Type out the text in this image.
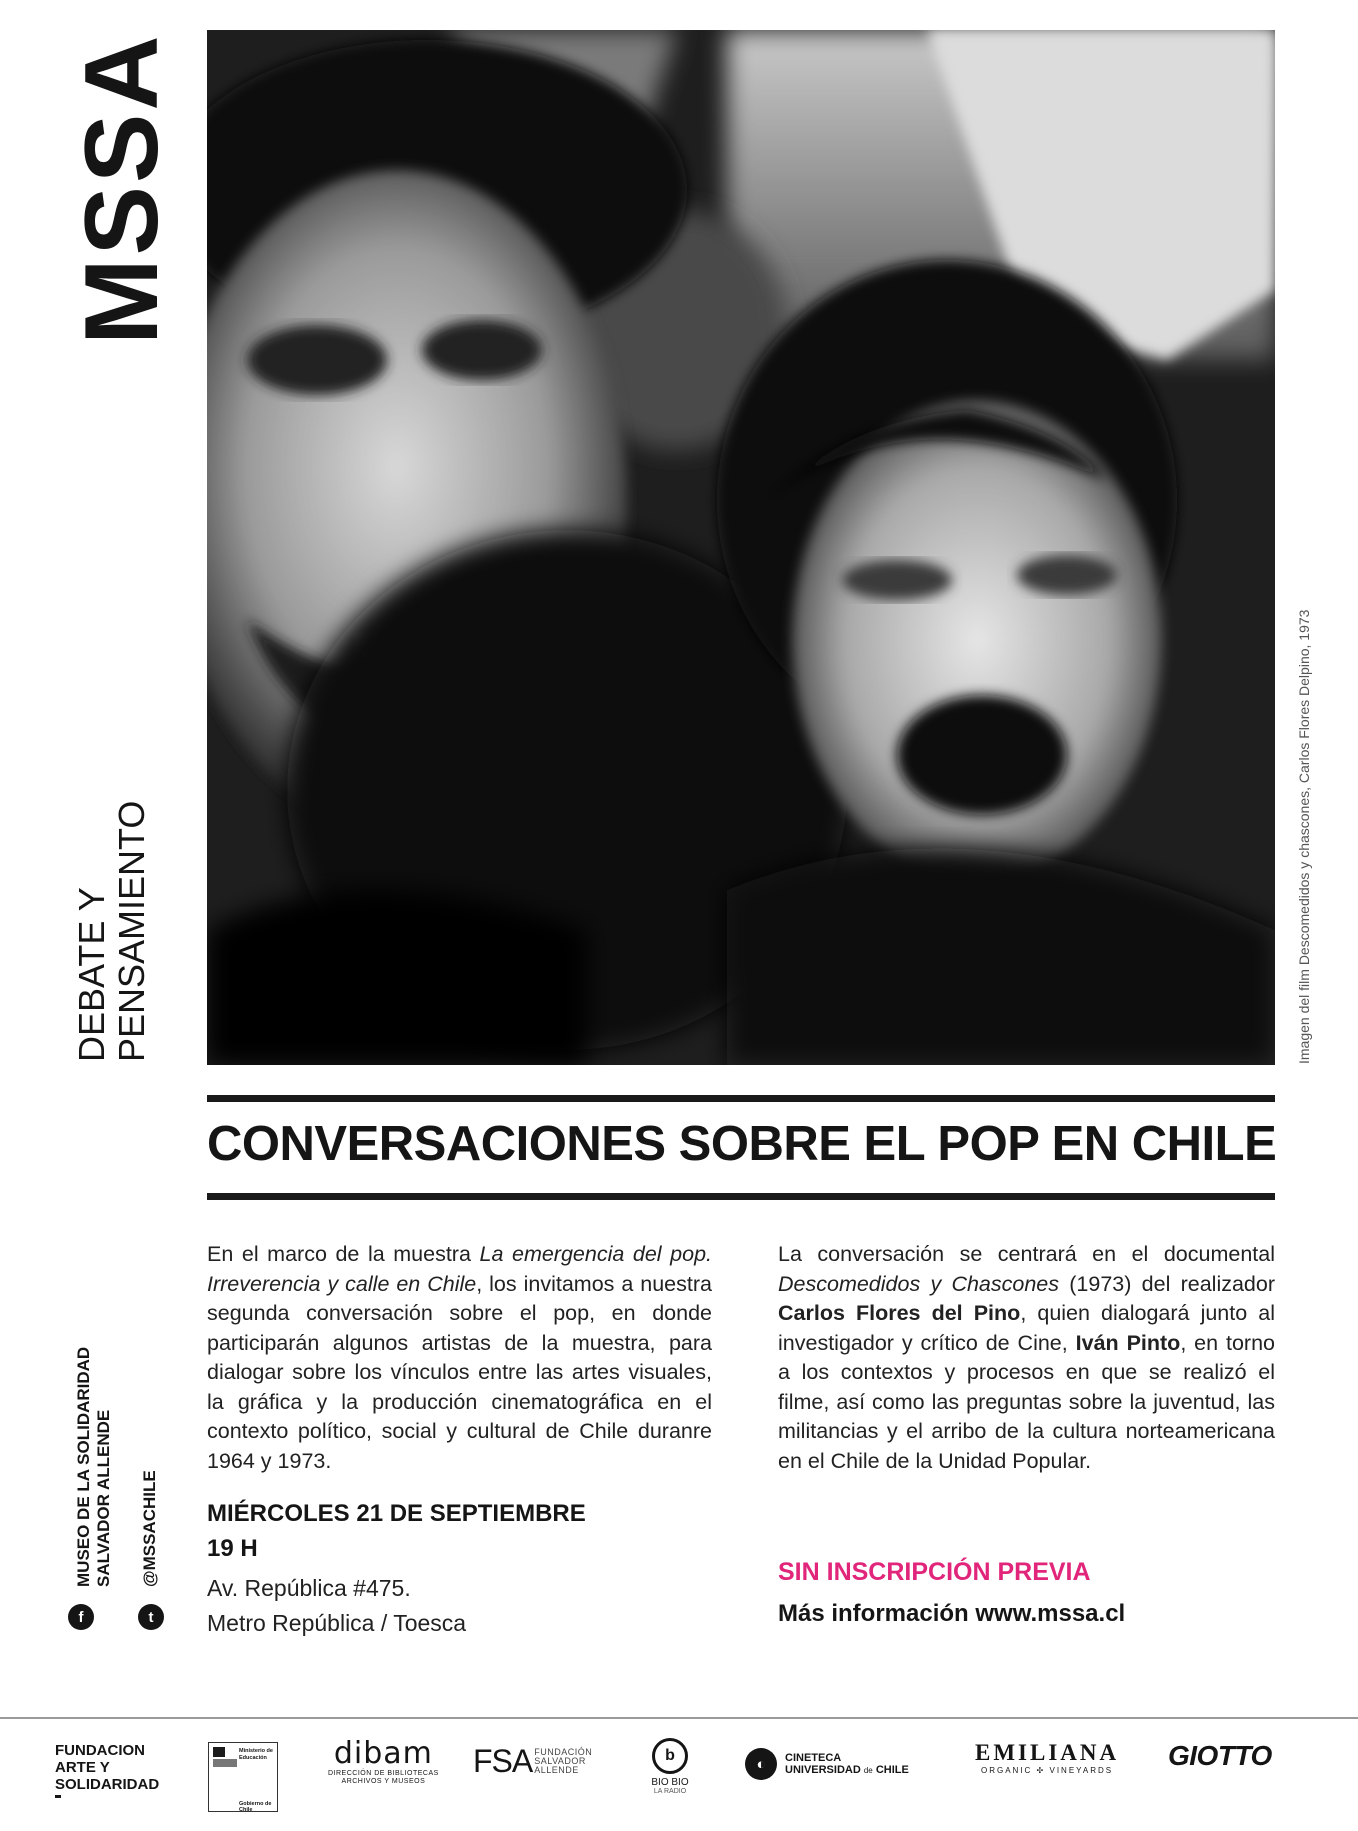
MSSA
DEBATE Y PENSAMIENTO
MUSEO DE LA SOLIDARIDAD SALVADOR ALLENDE @MSSACHILE
f	t
Imagen del film Descomedidos y chascones, Carlos Flores Delpino, 1973
CONVERSACIONES SOBRE EL POP EN CHILE
En el marco de la muestra La emergencia del pop. Irreverencia y calle en Chile, los invitamos a nuestra segunda conversación sobre el pop, en donde participarán algunos artistas de la muestra, para dialogar sobre los vínculos entre las artes visuales, la gráfica y la producción cinematográfica en el contexto político, social y cultural de Chile duranre 1964 y 1973.
La conversación se centrará en el documental Descomedidos y Chascones (1973) del realizador Carlos Flores del Pino, quien dialogará junto al investigador y crítico de Cine, Iván Pinto, en torno a los contextos y procesos en que se realizó el filme, así como las preguntas sobre la juventud, las militancias y el arribo de la cultura norteamericana en el Chile de la Unidad Popular.
MIÉRCOLES 21 DE SEPTIEMBRE
19 H
Av. República #475.
Metro República / Toesca
SIN INSCRIPCIÓN PREVIA
Más información www.mssa.cl
FUNDACION
ARTE Y
SOLIDARIDAD
Ministerio de
Educación
Gobierno de Chile
dibam
DIRECCIÓN DE BIBLIOTECAS
ARCHIVOS Y MUSEOS
FSA FUNDACIÓN
SALVADOR
ALLENDE
b
BIO BIO
LA RADIO
◐	CINETECA
UNIVERSIDAD de CHILE
EMILIANA
ORGANIC ✣ VINEYARDS GIOTTO
